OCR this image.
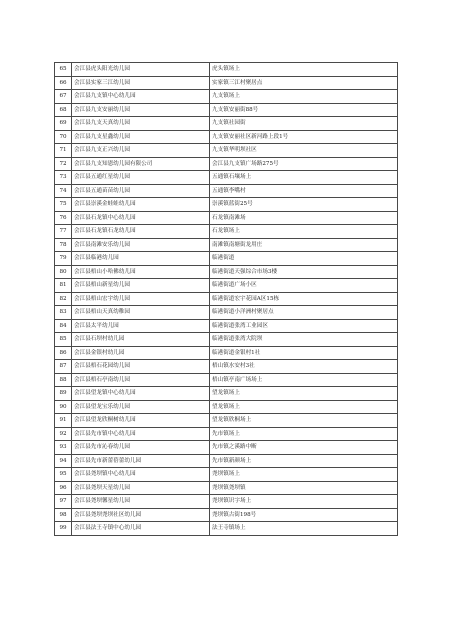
65	会江县虎头阳光幼儿园	虎头镇场上
66	会江县实家三江幼儿园	实家镇三江村聚居点
67	会江县九支镇中心幼儿园	九支镇场上
68	会江县九支安丽幼儿园	九支镇安丽街88号
69	会江县九支天真幼儿园	九支镇社园街
70	会江县九支星鑫幼儿园	九支镇安丽社区新河路上段1号
71	会江县九支正兴幼儿园	九支镇华明坝社区
72	会江县九支知恩幼儿园有限公司	会江县九支镇广场路275号
73	会江县五通红星幼儿园	五通镇石壤场上
74	会江县五通苗苗幼儿园	五通镇李嘴村
75	会江县崇溪金蛙蛙幼儿园	崇溪镇蓝街25号
76	会江县石龙镇中心幼儿园	石龙镇南滩场
77	会江县石龙镇石龙幼儿园	石龙镇场上
78	会江县南滩安乐幼儿园	南滩镇南塘街龙用庄
79	会江县临港幼儿园	临港街道
80	会江县梧山小哈佛幼儿园	临港街道天强综合市场3楼
81	会江县梧山新星幼儿园	临港街道广场小区
82	会江县梧山宏宇幼儿园	临港街道宏宇花园A区15栋
83	会江县梧山天真幼稚园	临港街道小洋洲村聚居点
84	会江县太平幼儿园	临港街道张湾工业园区
85	会江县石坝村幼儿园	临港街道张湾大院坝
86	会江县金银村幼儿园	临港街道金银村1社
87	会江县梧石花园幼儿园	梧山镇水安村3社
88	会江县梧石亭南幼儿园	梧山镇亭南广场场上
89	会江县望龙镇中心幼儿园	望龙镇场上
90	会江县望龙宝乐幼儿园	望龙镇场上
91	会江县望龙欣桐树幼儿园	望龙镇欣桐场上
92	会江县先市镇中心幼儿园	先市镇场上
93	会江县先市沁春幼儿园	先市镇之溪路中断
94	会江县先市新蕾蓓蕾幼儿园	先市镇新颜场上
95	会江县尧坝镇中心幼儿园	尧坝镇场上
96	会江县尧坝天星幼儿园	尧坝镇尧坝镇
97	会江县尧坝馨星幼儿园	尧坝镇识字场上
98	会江县尧坝尧坝社区幼儿园	尧坝镇古街198号
99	会江县法王寺镇中心幼儿园	法王寺镇场上
